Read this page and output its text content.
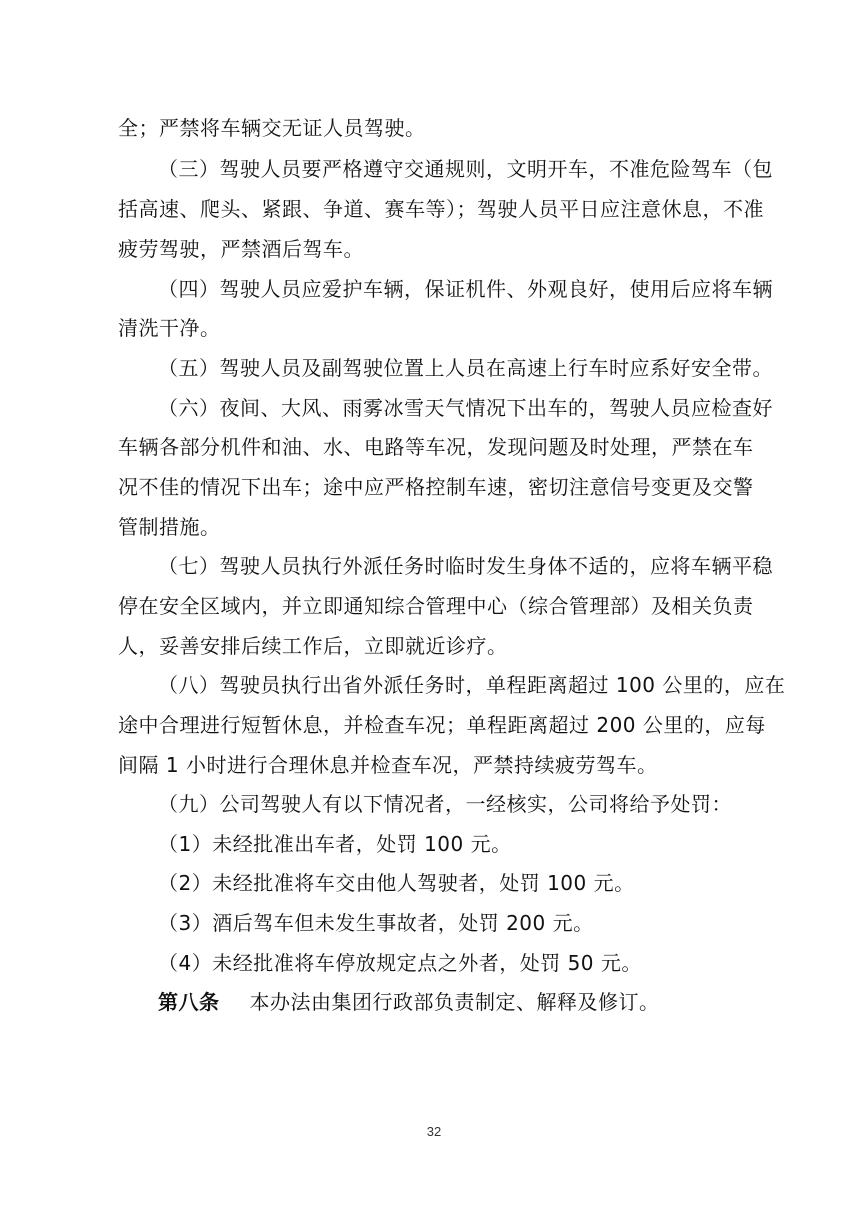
全；严禁将车辆交无证人员驾驶。
（三）驾驶人员要严格遵守交通规则，文明开车，不准危险驾车（包
括高速、爬头、紧跟、争道、赛车等）；驾驶人员平日应注意休息，不准
疲劳驾驶，严禁酒后驾车。
（四）驾驶人员应爱护车辆，保证机件、外观良好，使用后应将车辆
清洗干净。
（五）驾驶人员及副驾驶位置上人员在高速上行车时应系好安全带。
（六）夜间、大风、雨雾冰雪天气情况下出车的，驾驶人员应检查好
车辆各部分机件和油、水、电路等车况，发现问题及时处理，严禁在车
况不佳的情况下出车；途中应严格控制车速，密切注意信号变更及交警
管制措施。
（七）驾驶人员执行外派任务时临时发生身体不适的，应将车辆平稳
停在安全区域内，并立即通知综合管理中心（综合管理部）及相关负责
人，妥善安排后续工作后，立即就近诊疗。
（八）驾驶员执行出省外派任务时，单程距离超过 100 公里的，应在
途中合理进行短暂休息，并检查车况；单程距离超过 200 公里的，应每
间隔 1 小时进行合理休息并检查车况，严禁持续疲劳驾车。
（九）公司驾驶人有以下情况者，一经核实，公司将给予处罚：
（1）未经批准出车者，处罚 100 元。
（2）未经批准将车交由他人驾驶者，处罚 100 元。
（3）酒后驾车但未发生事故者，处罚 200 元。
（4）未经批准将车停放规定点之外者，处罚 50 元。
第八条 本办法由集团行政部负责制定、解释及修订。
32
